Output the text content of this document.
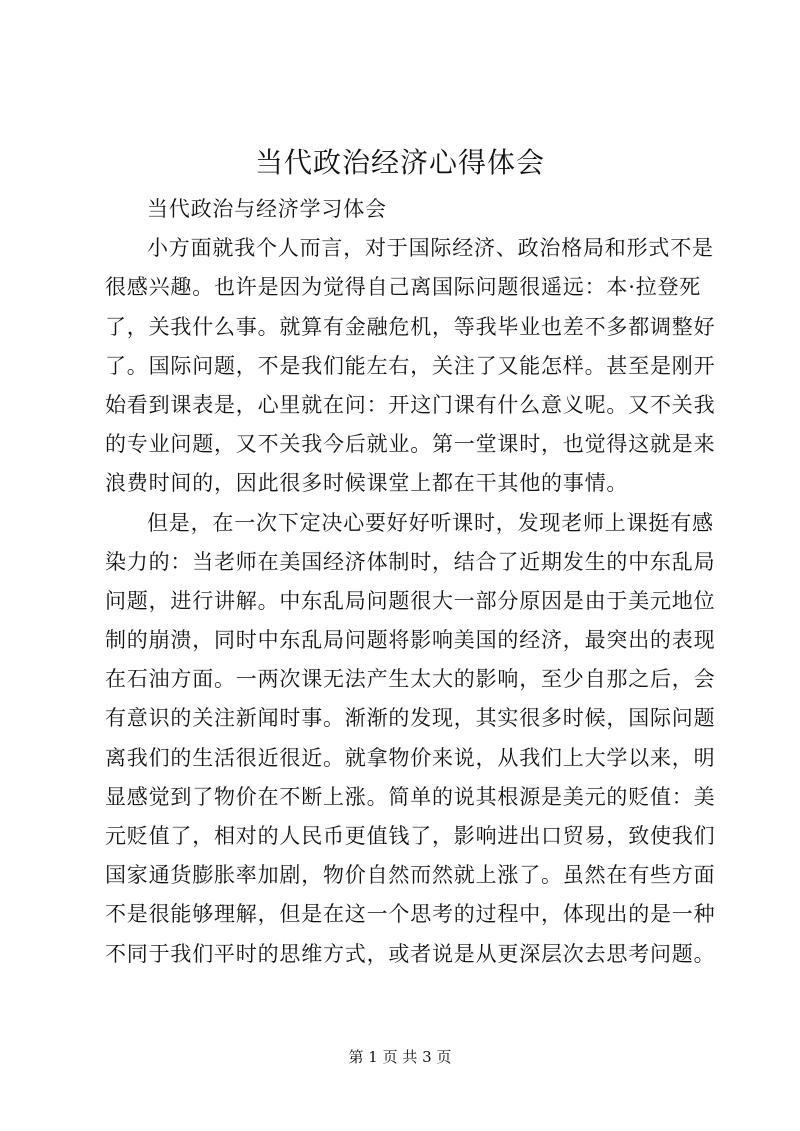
当代政治经济心得体会
当代政治与经济学习体会
小方面就我个人而言，对于国际经济、政治格局和形式不是
很感兴趣。也许是因为觉得自己离国际问题很遥远：本·拉登死
了，关我什么事。就算有金融危机，等我毕业也差不多都调整好
了。国际问题，不是我们能左右，关注了又能怎样。甚至是刚开
始看到课表是，心里就在问：开这门课有什么意义呢。又不关我
的专业问题，又不关我今后就业。第一堂课时，也觉得这就是来
浪费时间的，因此很多时候课堂上都在干其他的事情。
但是，在一次下定决心要好好听课时，发现老师上课挺有感
染力的：当老师在美国经济体制时，结合了近期发生的中东乱局
问题，进行讲解。中东乱局问题很大一部分原因是由于美元地位
制的崩溃，同时中东乱局问题将影响美国的经济，最突出的表现
在石油方面。一两次课无法产生太大的影响，至少自那之后，会
有意识的关注新闻时事。渐渐的发现，其实很多时候，国际问题
离我们的生活很近很近。就拿物价来说，从我们上大学以来，明
显感觉到了物价在不断上涨。简单的说其根源是美元的贬值：美
元贬值了，相对的人民币更值钱了，影响进出口贸易，致使我们
国家通货膨胀率加剧，物价自然而然就上涨了。虽然在有些方面
不是很能够理解，但是在这一个思考的过程中，体现出的是一种
不同于我们平时的思维方式，或者说是从更深层次去思考问题。
第 1 页 共 3 页
